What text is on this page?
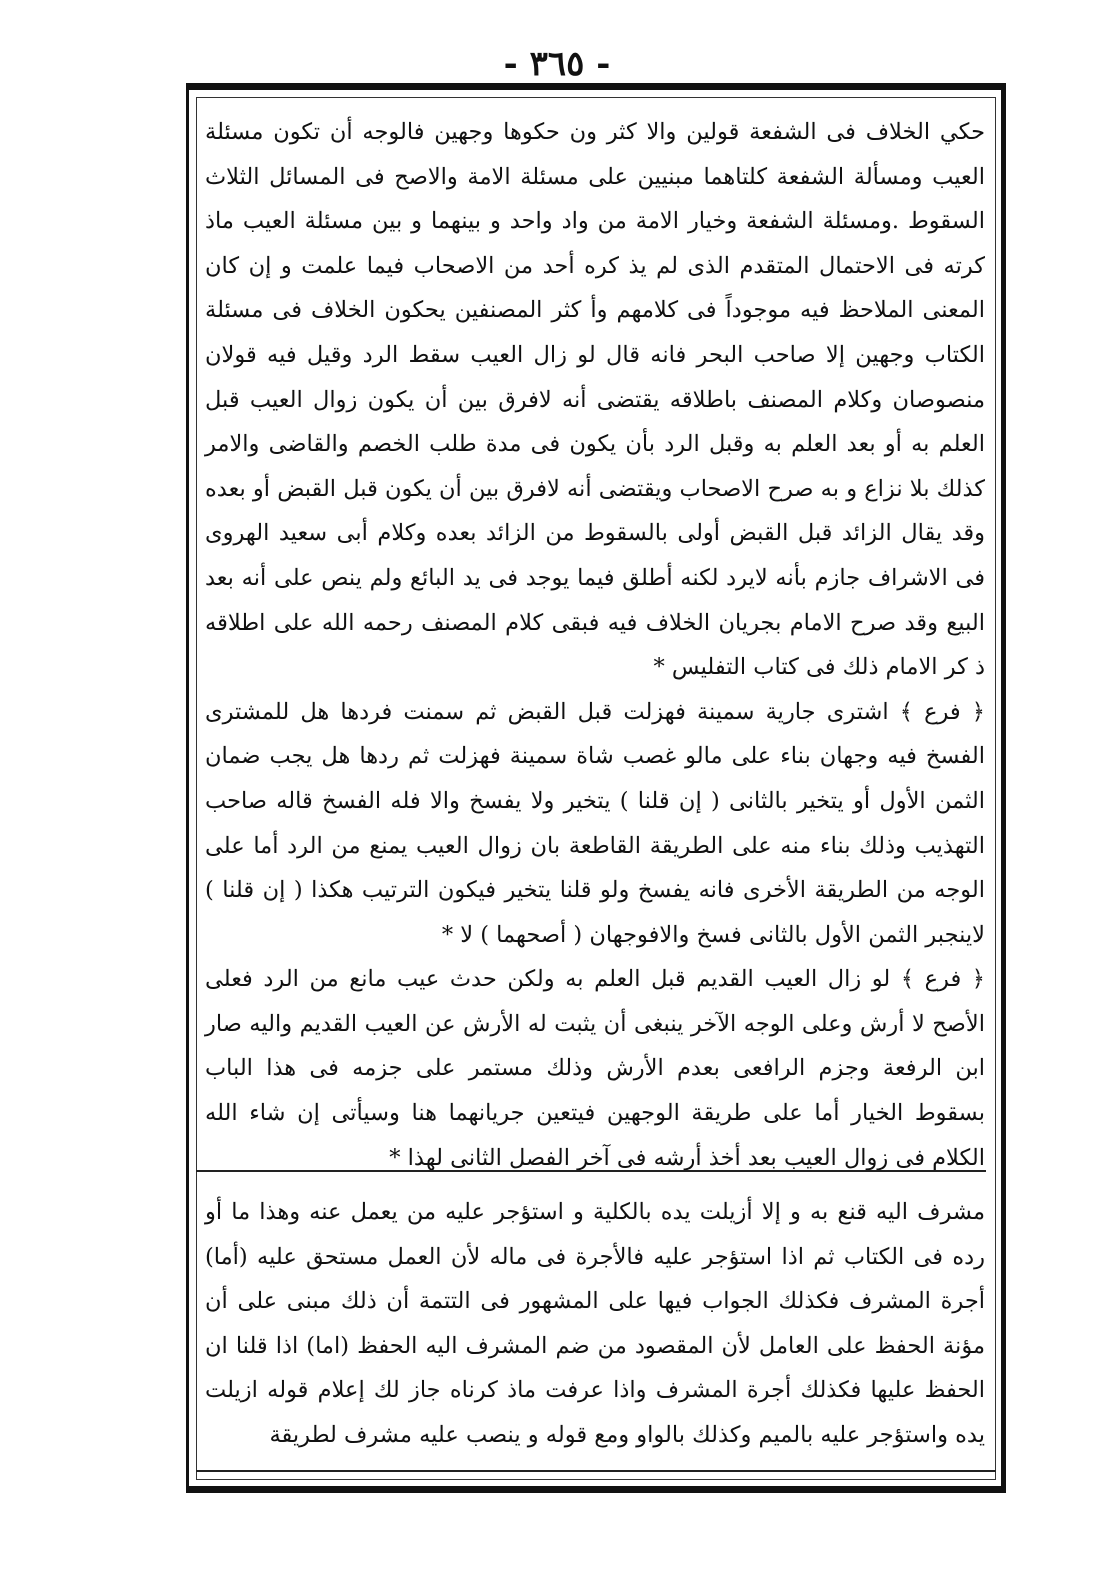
- ٣٦٥ -

حكي الخلاف فى الشفعة قولين والا كثر ون حكوها وجهين فالوجه أن تكون مسئلة العيب ومسألة الشفعة كلتاهما مبنيين على مسئلة الامة والاصح فى المسائل الثلاث السقوط .ومسئلة الشفعة وخيار الامة من واد واحد و بينهما و بين مسئلة العيب ماذ كرته فى الاحتمال المتقدم الذى لم يذ كره أحد من الاصحاب فيما علمت و إن كان المعنى الملاحظ فيه موجوداً فى كلامهم وأ كثر المصنفين يحكون الخلاف فى مسئلة الكتاب وجهين إلا صاحب البحر فانه قال لو زال العيب سقط الرد وقيل فيه قولان منصوصان وكلام المصنف باطلاقه يقتضى أنه لافرق بين أن يكون زوال العيب قبل العلم به أو بعد العلم به وقبل الرد بأن يكون فى مدة طلب الخصم والقاضى والامر كذلك بلا نزاع و به صرح الاصحاب ويقتضى أنه لافرق بين أن يكون قبل القبض أو بعده وقد يقال الزائد قبل القبض أولى بالسقوط من الزائد بعده وكلام أبى سعيد الهروى فى الاشراف جازم بأنه لايرد لكنه أطلق فيما يوجد فى يد البائع ولم ينص على أنه بعد البيع وقد صرح الامام بجريان الخلاف فيه فبقى كلام المصنف رحمه الله على اطلاقه ذ كر الامام ذلك فى كتاب التفليس *

﴿ فرع ﴾ اشترى جارية سمينة فهزلت قبل القبض ثم سمنت فردها هل للمشترى الفسخ فيه وجهان بناء على مالو غصب شاة سمينة فهزلت ثم ردها هل يجب ضمان الثمن الأول أو يتخير بالثانى ( إن قلنا ) يتخير ولا يفسخ والا فله الفسخ قاله صاحب التهذيب وذلك بناء منه على الطريقة القاطعة بان زوال العيب يمنع من الرد أما على الوجه من الطريقة الأخرى فانه يفسخ ولو قلنا يتخير فيكون الترتيب هكذا ( إن قلنا ) لاينجبر الثمن الأول بالثانى فسخ والافوجهان ( أصحهما ) لا *

﴿ فرع ﴾ لو زال العيب القديم قبل العلم به ولكن حدث عيب مانع من الرد فعلى الأصح لا أرش وعلى الوجه الآخر ينبغى أن يثبت له الأرش عن العيب القديم واليه صار ابن الرفعة وجزم الرافعى بعدم الأرش وذلك مستمر على جزمه فى هذا الباب بسقوط الخيار أما على طريقة الوجهين فيتعين جريانهما هنا وسيأتى إن شاء الله الكلام فى زوال العيب بعد أخذ أرشه فى آخر الفصل الثانى لهذا *

مشرف اليه قنع به و إلا أزيلت يده بالكلية و استؤجر عليه من يعمل عنه وهذا ما أو رده فى الكتاب ثم اذا استؤجر عليه فالأجرة فى ماله لأن العمل مستحق عليه (أما) أجرة المشرف فكذلك الجواب فيها على المشهور فى التتمة أن ذلك مبنى على أن مؤنة الحفظ على العامل لأن المقصود من ضم المشرف اليه الحفظ (اما) اذا قلنا ان الحفظ عليها فكذلك أجرة المشرف واذا عرفت ماذ كرناه جاز لك إعلام قوله ازيلت يده واستؤجر عليه بالميم وكذلك بالواو ومع قوله و ينصب عليه مشرف لطريقة
